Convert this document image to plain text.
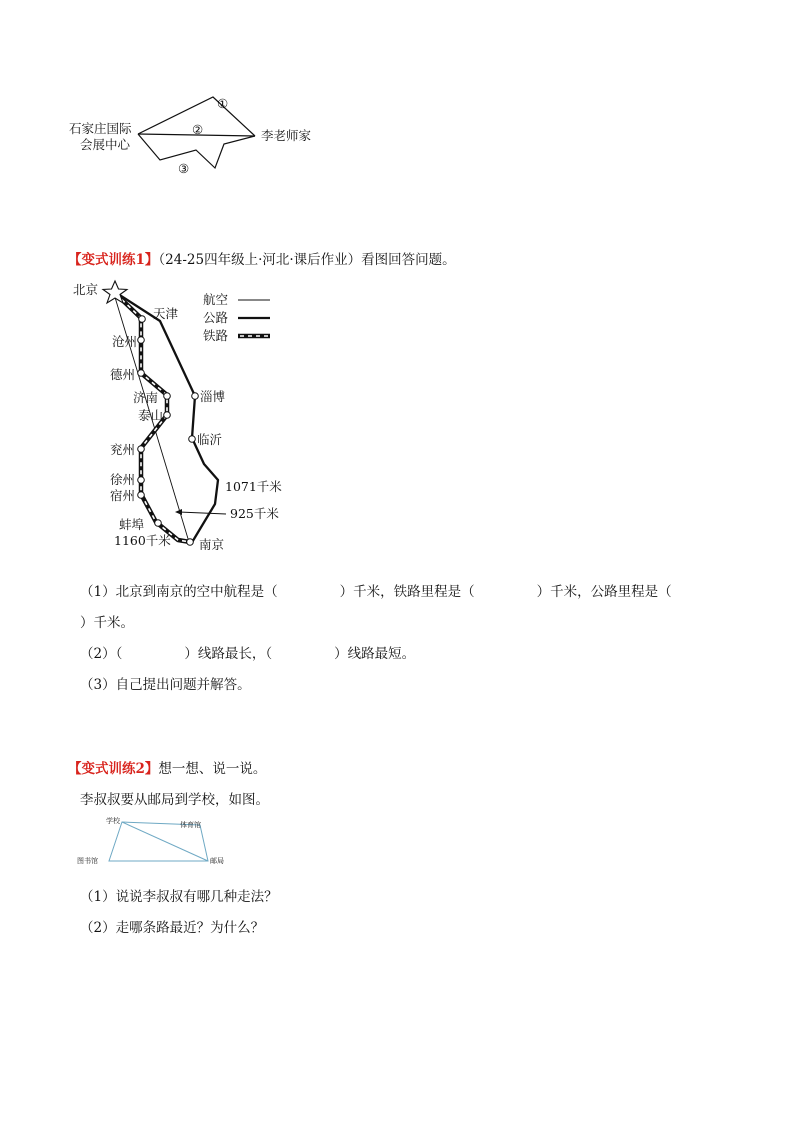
①
②
③
石家庄国际
会展中心
李老师家
【变式训练1】（24-25四年级上·河北·课后作业）看图回答问题。
北京
天津
沧州
德州
济南
泰山
淄博
临沂
兖州
徐州
宿州
蚌埠
南京
1071千米
925千米
1160千米
航空
公路
铁路
（1）北京到南京的空中航程是（	）千米，铁路里程是（	）千米，公路里程是（
）千米。
（2）（	）线路最长，（	）线路最短。
（3）自己提出问题并解答。
【变式训练2】想一想、说一说。
李叔叔要从邮局到学校，如图。
学校	体育馆
图书馆	邮局
（1）说说李叔叔有哪几种走法？
（2）走哪条路最近？为什么？
